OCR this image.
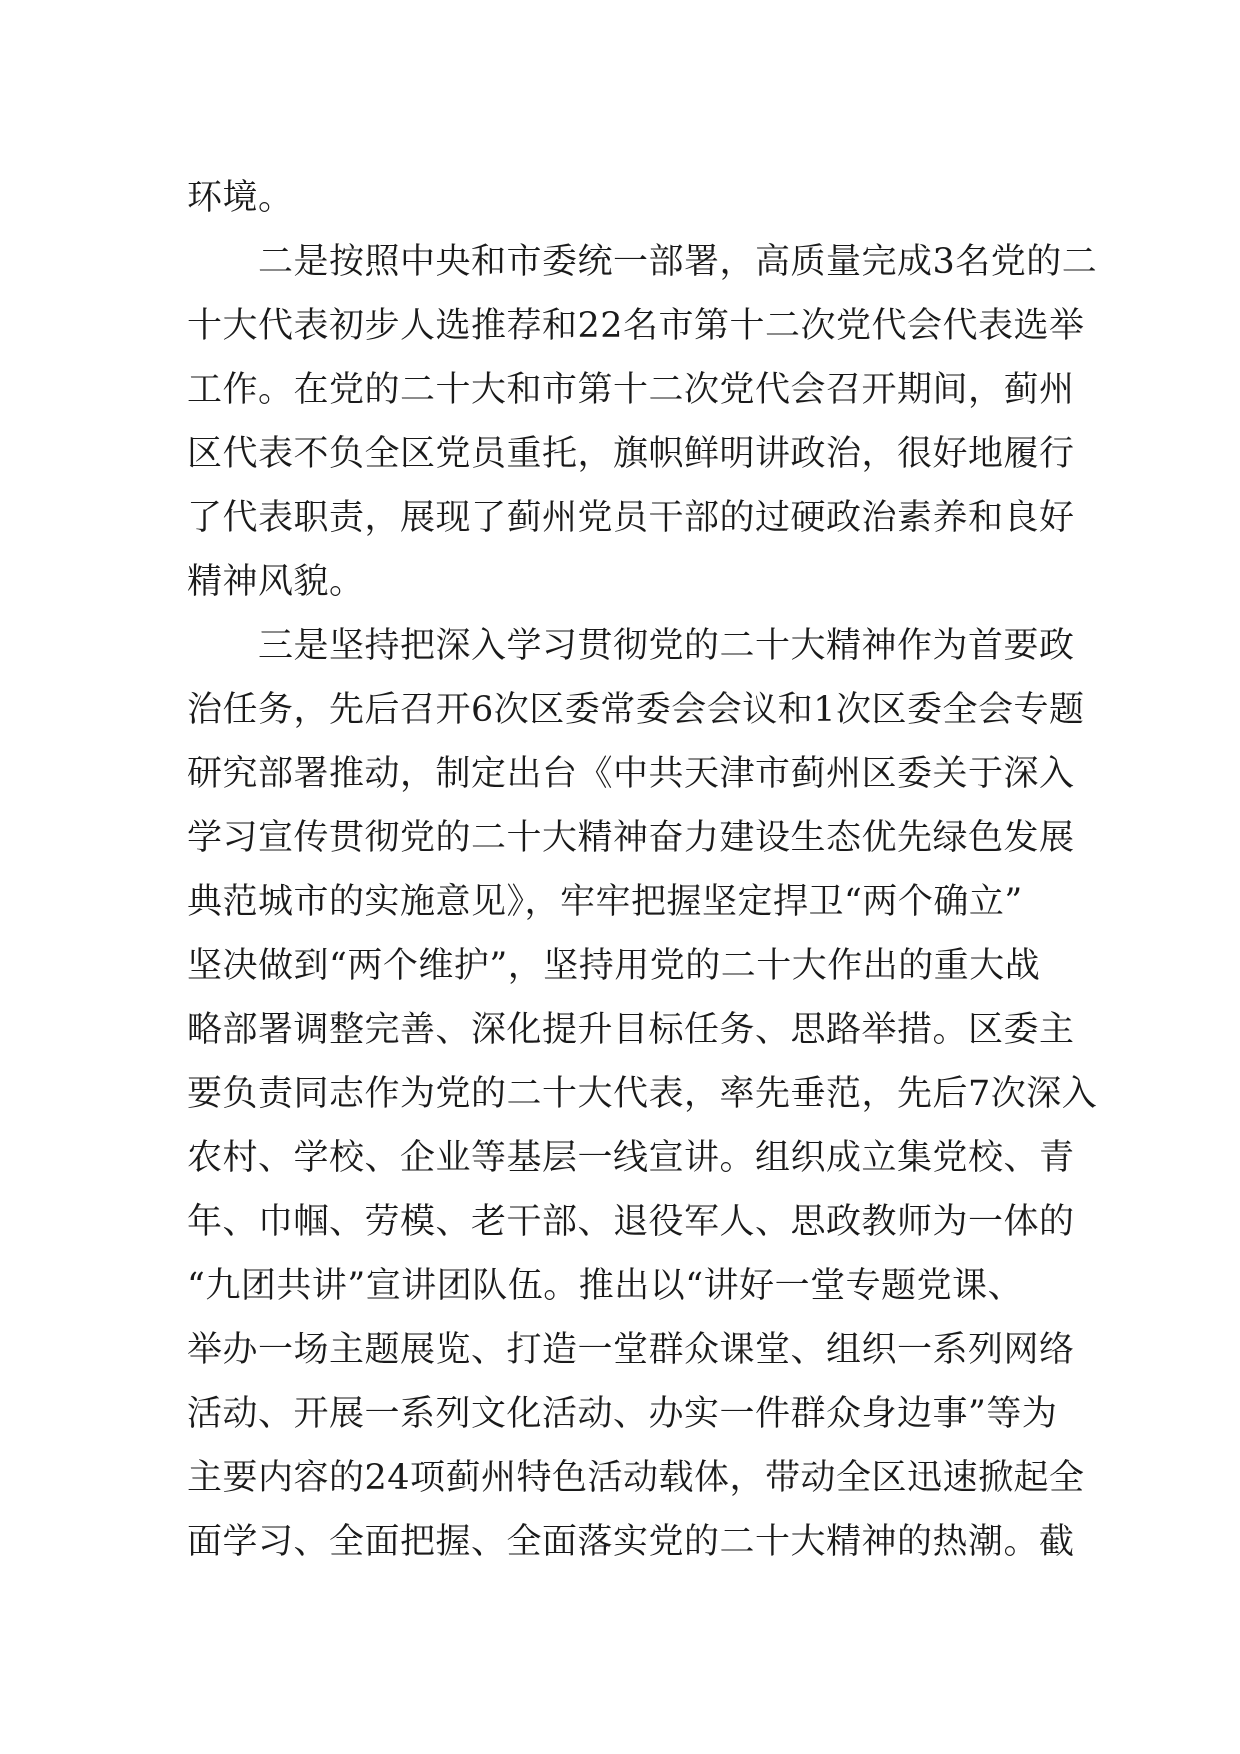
环境。
　　二是按照中央和市委统一部署，高质量完成3名党的二
十大代表初步人选推荐和22名市第十二次党代会代表选举
工作。在党的二十大和市第十二次党代会召开期间，蓟州
区代表不负全区党员重托，旗帜鲜明讲政治，很好地履行
了代表职责，展现了蓟州党员干部的过硬政治素养和良好
精神风貌。
　　三是坚持把深入学习贯彻党的二十大精神作为首要政
治任务，先后召开6次区委常委会会议和1次区委全会专题
研究部署推动，制定出台《中共天津市蓟州区委关于深入
学习宣传贯彻党的二十大精神奋力建设生态优先绿色发展
典范城市的实施意见》，牢牢把握坚定捍卫“两个确立”
坚决做到“两个维护”，坚持用党的二十大作出的重大战
略部署调整完善、深化提升目标任务、思路举措。区委主
要负责同志作为党的二十大代表，率先垂范，先后7次深入
农村、学校、企业等基层一线宣讲。组织成立集党校、青
年、巾帼、劳模、老干部、退役军人、思政教师为一体的
“九团共讲”宣讲团队伍。推出以“讲好一堂专题党课、
举办一场主题展览、打造一堂群众课堂、组织一系列网络
活动、开展一系列文化活动、办实一件群众身边事”等为
主要内容的24项蓟州特色活动载体，带动全区迅速掀起全
面学习、全面把握、全面落实党的二十大精神的热潮。截
